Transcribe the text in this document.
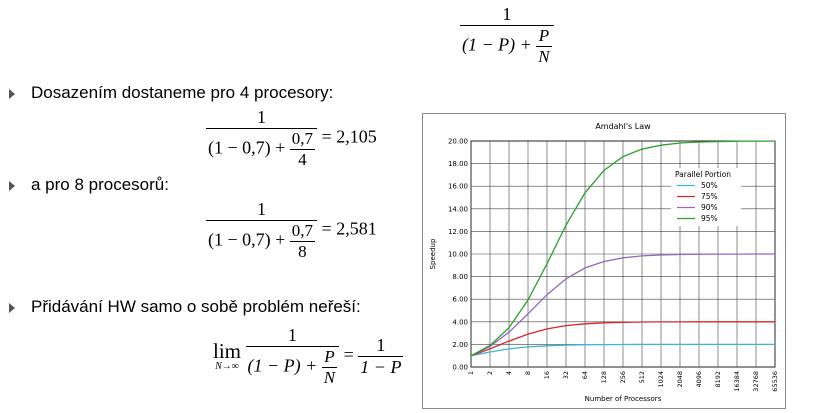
$\frac{1}{(1 - P) + \frac{P}{N}}$
Dosazením dostaneme pro 4 procesory:
$\frac{1}{(1 - 0,7) + \frac{0,7}{4}} = 2,105$
a pro 8 procesorů:
$\frac{1}{(1 - 0,7) + \frac{0,7}{8}} = 2,581$
Přidávání HW samo o sobě problém neřeší:
lim
N→∞
$\frac{1}{(1 - P) + \frac{P}{N}} = \frac{1}{1 - P}$	1 2 4 8 16 32 64 128 256 512 1024 2048 4096 8192 16384 32768 65536
0.00
2.00
4.00
6.00
8.00
10.00
12.00
14.00
16.00
18.00
20.00
Amdahl's Law
Number of Processors
Speedup
Parallel Portion
50%
75%
90%
95%
